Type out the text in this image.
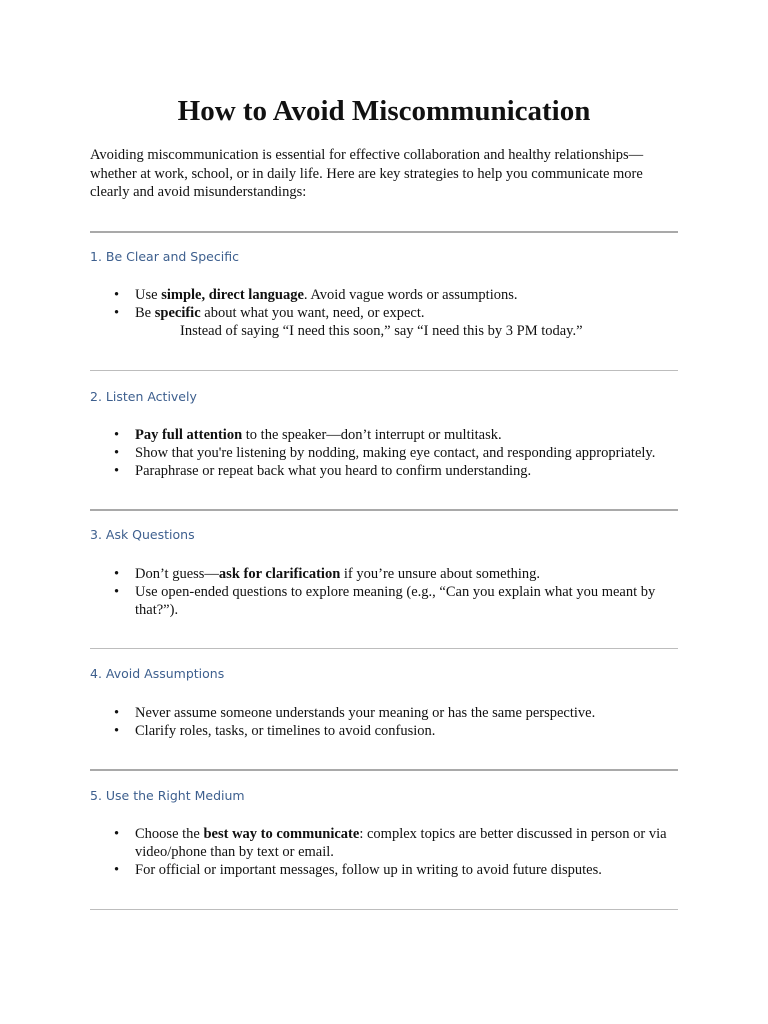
How to Avoid Miscommunication

Avoiding miscommunication is essential for effective collaboration and healthy relationships—whether at work, school, or in daily life. Here are key strategies to help you communicate more clearly and avoid misunderstandings:

1. Be Clear and Specific
• Use simple, direct language. Avoid vague words or assumptions.
• Be specific about what you want, need, or expect.
Instead of saying “I need this soon,” say “I need this by 3 PM today.”
2. Listen Actively
• Pay full attention to the speaker—don’t interrupt or multitask.
• Show that you're listening by nodding, making eye contact, and responding appropriately.
• Paraphrase or repeat back what you heard to confirm understanding.
3. Ask Questions
• Don’t guess—ask for clarification if you’re unsure about something.
• Use open-ended questions to explore meaning (e.g., “Can you explain what you meant by that?”).
4. Avoid Assumptions
• Never assume someone understands your meaning or has the same perspective.
• Clarify roles, tasks, or timelines to avoid confusion.
5. Use the Right Medium
• Choose the best way to communicate: complex topics are better discussed in person or via video/phone than by text or email.
• For official or important messages, follow up in writing to avoid future disputes.
